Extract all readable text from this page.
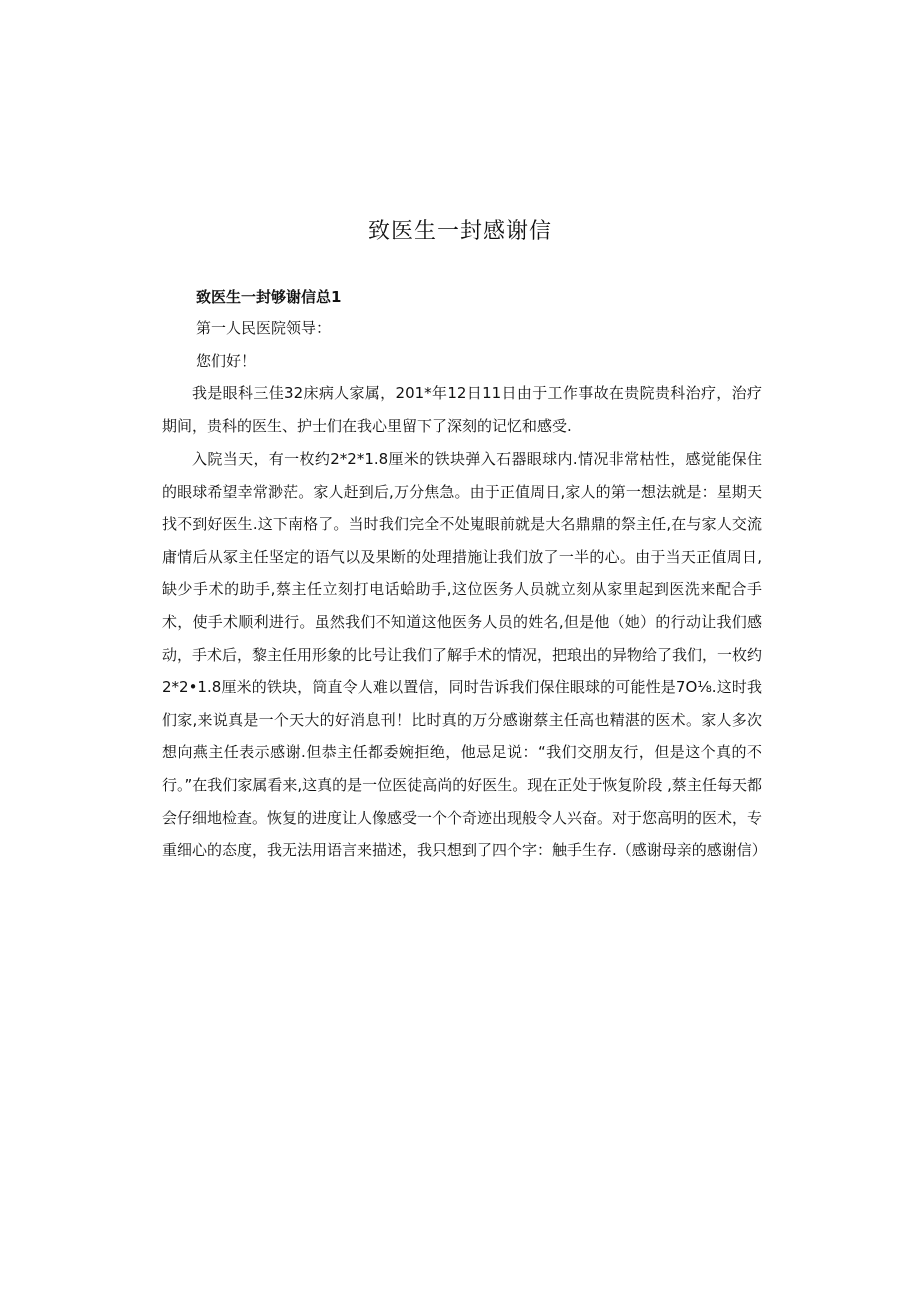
致医生一封感谢信

致医生一封够谢信总1

第一人民医院领导：

您们好！

我是眼科三佳32床病人家属，201*年12日11日由于工作事故在贵院贵科治疗，治疗期间，贵科的医生、护士们在我心里留下了深刻的记忆和感受.

入院当天，有一枚约2*2*1.8厘米的铁块弹入石器眼球内.情况非常枯性，感觉能保住的眼球希望幸常渺茫。家人赶到后,万分焦急。由于正值周日,家人的第一想法就是：星期天找不到好医生.这下南格了。当时我们完全不处嵬眼前就是大名鼎鼎的祭主任,在与家人交流庸情后从冢主任坚定的语气以及果断的处理措施让我们放了一半的心。由于当天正值周日,缺少手术的助手,蔡主任立刻打电话蛤助手,这位医务人员就立刻从家里起到医洗来配合手术，使手术顺利进行。虽然我们不知道这他医务人员的姓名,但是他（她）的行动让我们感动，手术后，黎主任用形象的比号让我们了解手术的情况，把琅出的异物给了我们，一枚约2*2•1.8厘米的铁块，筒直令人难以置信，同时告诉我们保住眼球的可能性是7O⅛.这时我们家,来说真是一个天大的好消息刊！比时真的万分感谢蔡主任高也精湛的医术。家人多次想向燕主任表示感谢.但恭主任都委婉拒绝，他忌足说：“我们交朋友行，但是这个真的不行。”在我们家属看来,这真的是一位医徒高尚的好医生。现在正处于恢复阶段 ,蔡主任每天都会仔细地检查。恢复的进度让人像感受一个个奇迹出现般令人兴奋。对于您高明的医术，专重细心的态度，我无法用语言来描述，我只想到了四个字：触手生存.（感谢母亲的感谢信）
